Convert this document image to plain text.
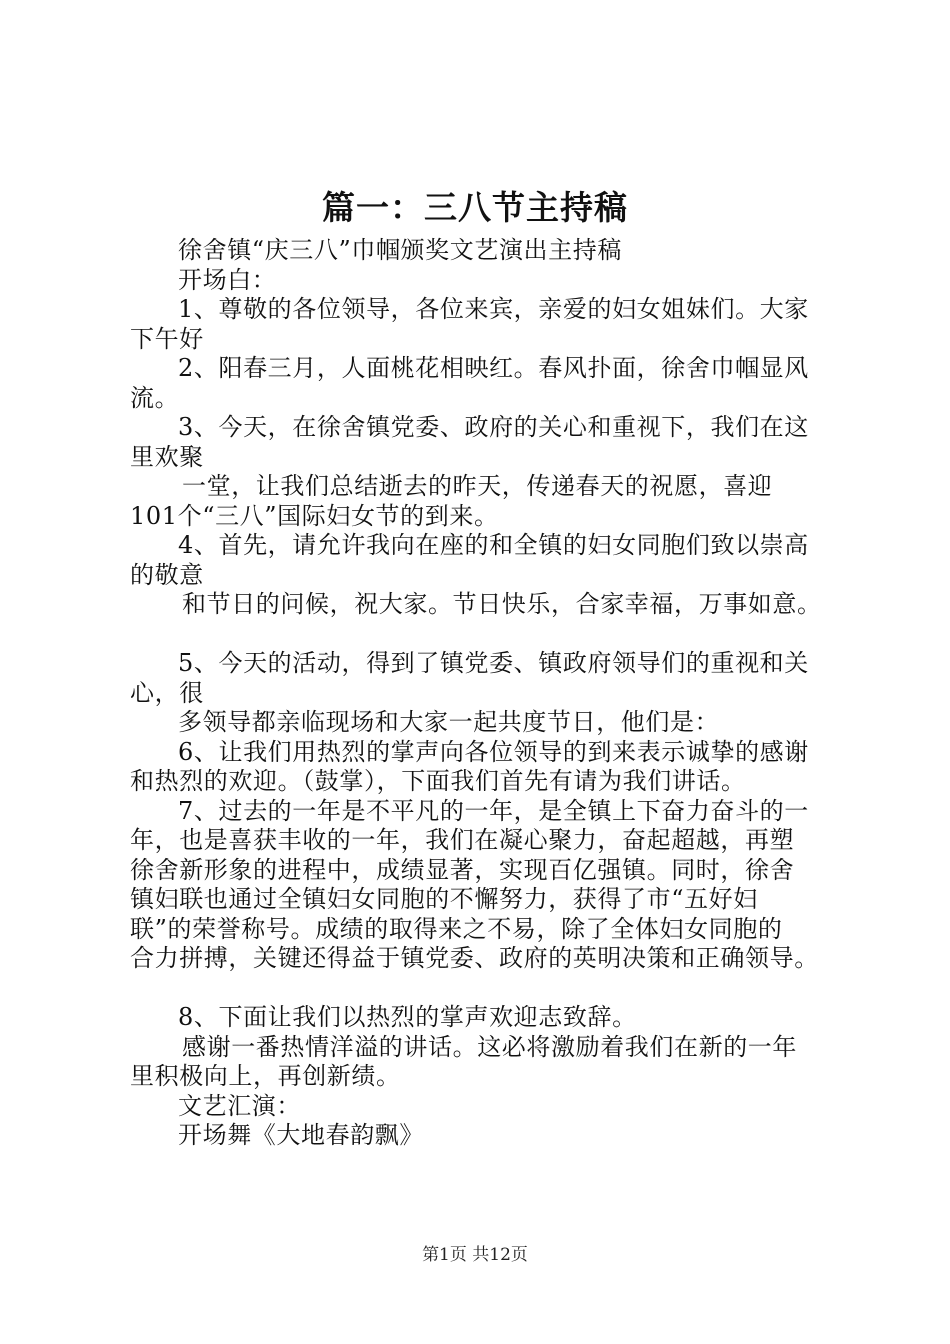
篇一：三八节主持稿

徐舍镇“庆三八”巾帼颁奖文艺演出主持稿

开场白：

1、尊敬的各位领导，各位来宾，亲爱的妇女姐妹们。大家

下午好

2、阳春三月，人面桃花相映红。春风扑面，徐舍巾帼显风

流。

3、今天，在徐舍镇党委、政府的关心和重视下，我们在这

里欢聚

一堂，让我们总结逝去的昨天，传递春天的祝愿，喜迎

101个“三八”国际妇女节的到来。

4、首先，请允许我向在座的和全镇的妇女同胞们致以崇高

的敬意

和节日的问候，祝大家。节日快乐，合家幸福，万事如意。

5、今天的活动，得到了镇党委、镇政府领导们的重视和关

心，很

多领导都亲临现场和大家一起共度节日，他们是：

6、让我们用热烈的掌声向各位领导的到来表示诚挚的感谢

和热烈的欢迎。（鼓掌），下面我们首先有请为我们讲话。

7、过去的一年是不平凡的一年，是全镇上下奋力奋斗的一

年，也是喜获丰收的一年，我们在凝心聚力，奋起超越，再塑

徐舍新形象的进程中，成绩显著，实现百亿强镇。同时，徐舍

镇妇联也通过全镇妇女同胞的不懈努力，获得了市“五好妇

联”的荣誉称号。成绩的取得来之不易，除了全体妇女同胞的

合力拼搏，关键还得益于镇党委、政府的英明决策和正确领导。

8、下面让我们以热烈的掌声欢迎志致辞。

感谢一番热情洋溢的讲话。这必将激励着我们在新的一年

里积极向上，再创新绩。

文艺汇演：

开场舞《大地春韵飘》

第1页 共12页
